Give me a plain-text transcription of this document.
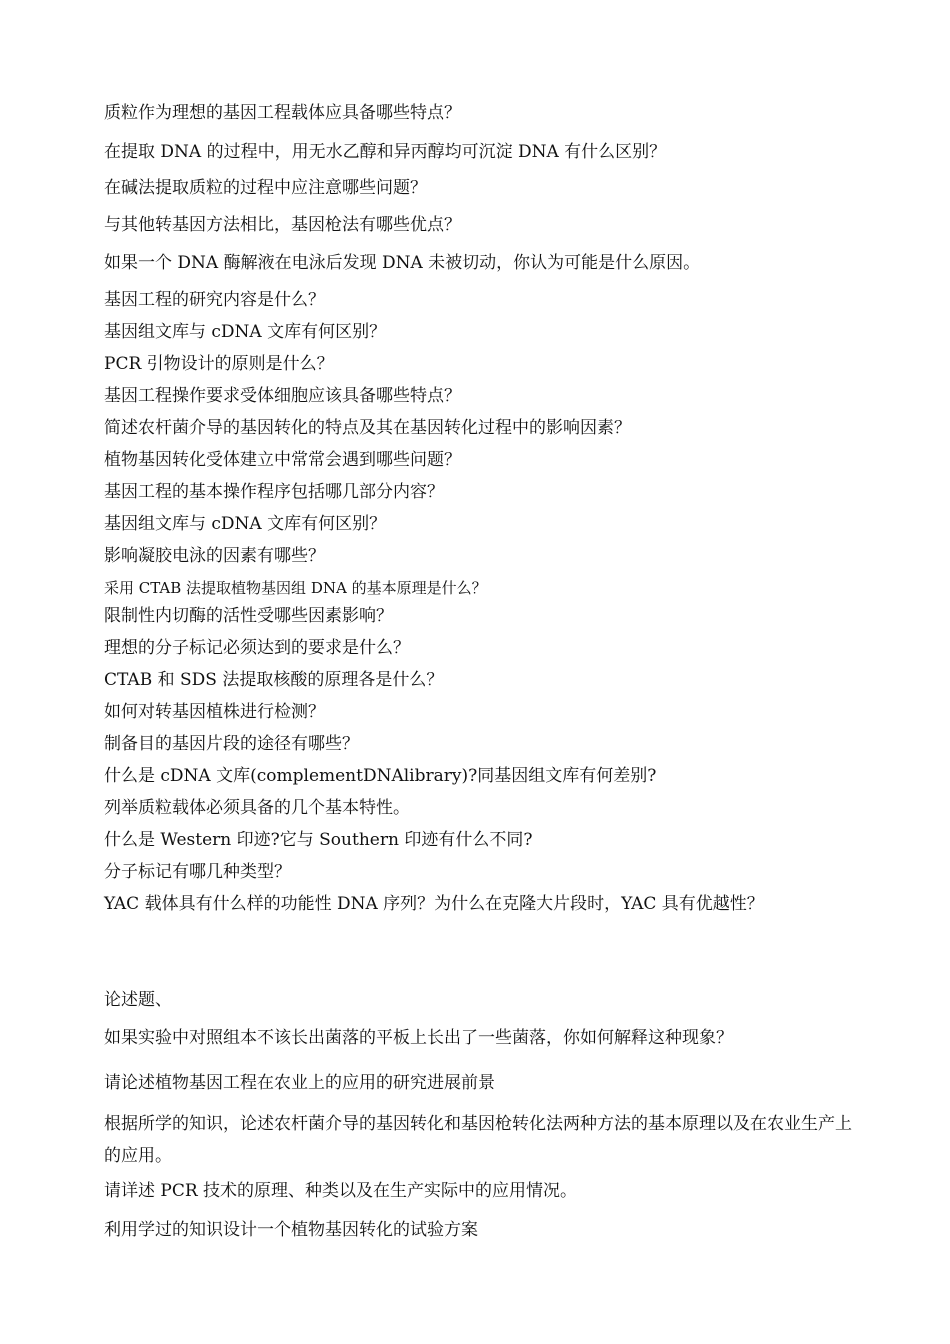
质粒作为理想的基因工程载体应具备哪些特点？
在提取 DNA 的过程中，用无水乙醇和异丙醇均可沉淀 DNA 有什么区别？
在碱法提取质粒的过程中应注意哪些问题？
与其他转基因方法相比，基因枪法有哪些优点？
如果一个 DNA 酶解液在电泳后发现 DNA 未被切动，你认为可能是什么原因。
基因工程的研究内容是什么？
基因组文库与 cDNA 文库有何区别？
PCR 引物设计的原则是什么？
基因工程操作要求受体细胞应该具备哪些特点？
简述农杆菌介导的基因转化的特点及其在基因转化过程中的影响因素？
植物基因转化受体建立中常常会遇到哪些问题？
基因工程的基本操作程序包括哪几部分内容？
基因组文库与 cDNA 文库有何区别？
影响凝胶电泳的因素有哪些？
采用 CTAB 法提取植物基因组 DNA 的基本原理是什么？
限制性内切酶的活性受哪些因素影响？
理想的分子标记必须达到的要求是什么？
CTAB 和 SDS 法提取核酸的原理各是什么？
如何对转基因植株进行检测？
制备目的基因片段的途径有哪些？
什么是 cDNA 文库(complementDNAlibrary)?同基因组文库有何差别?
列举质粒载体必须具备的几个基本特性。
什么是 Western 印迹?它与 Southern 印迹有什么不同?
分子标记有哪几种类型？
YAC 载体具有什么样的功能性 DNA 序列？为什么在克隆大片段时，YAC 具有优越性？
论述题、
如果实验中对照组本不该长出菌落的平板上长出了一些菌落，你如何解释这种现象？
请论述植物基因工程在农业上的应用的研究进展前景
根据所学的知识，论述农杆菌介导的基因转化和基因枪转化法两种方法的基本原理以及在农业生产上的应用。
请详述 PCR 技术的原理、种类以及在生产实际中的应用情况。
利用学过的知识设计一个植物基因转化的试验方案
